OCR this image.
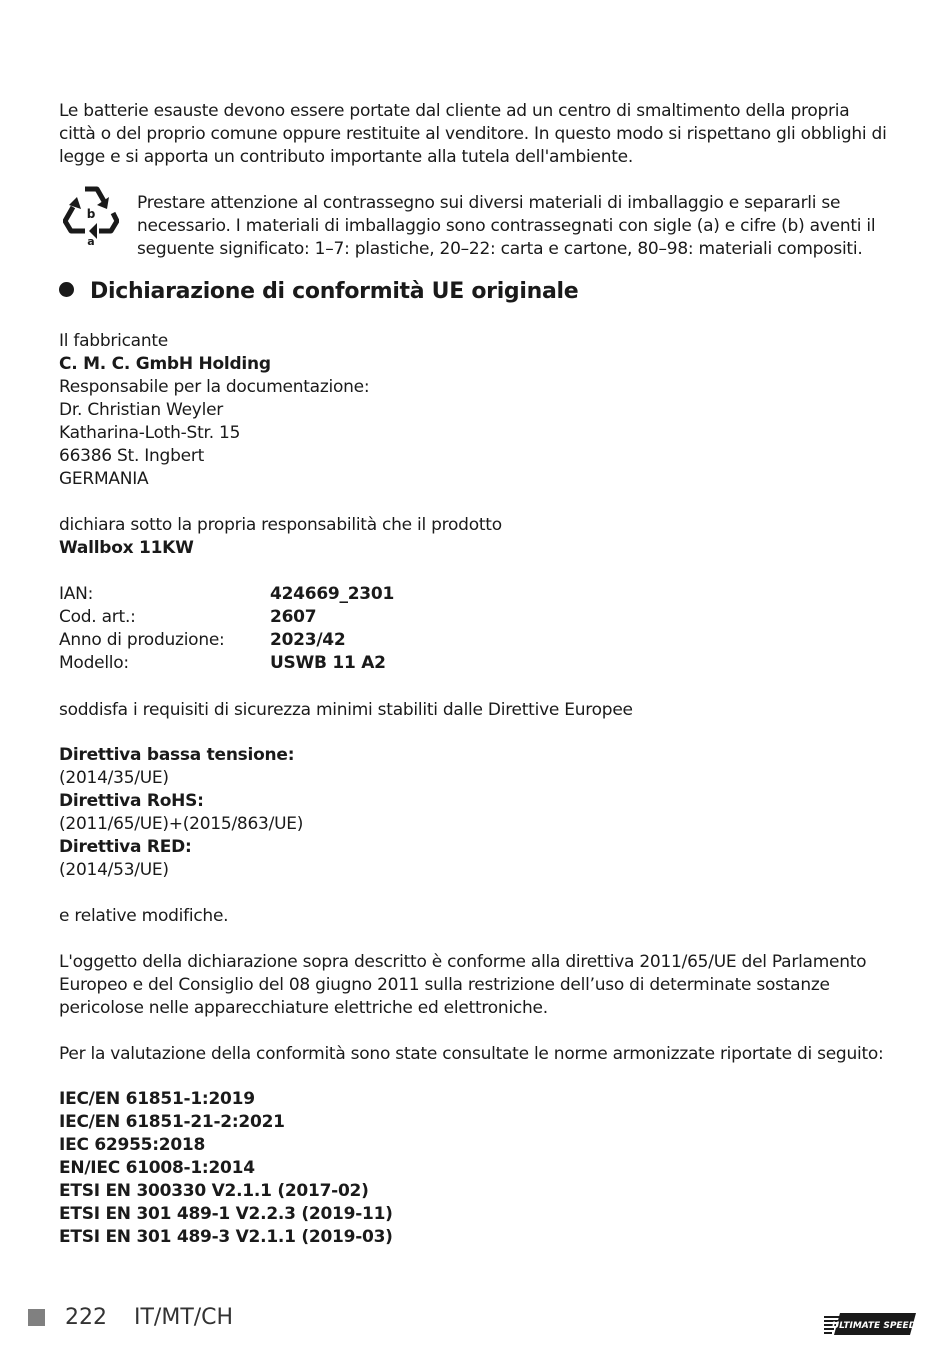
Le batterie esauste devono essere portate dal cliente ad un centro di smaltimento della propria città o del proprio comune oppure restituite al venditore. In questo modo si rispettano gli obblighi di legge e si apporta un contributo importante alla tutela dell'ambiente.
b
a
Prestare attenzione al contrassegno sui diversi materiali di imballaggio e separarli se necessario. I materiali di imballaggio sono contrassegnati con sigle (a) e cifre (b) aventi il seguente significato: 1–7: plastiche, 20–22: carta e cartone, 80–98: materiali compositi.
Dichiarazione di conformità UE originale
Il fabbricante
C. M. C. GmbH Holding
Responsabile per la documentazione:
Dr. Christian Weyler
Katharina-Loth-Str. 15
66386 St. Ingbert
GERMANIA
dichiara sotto la propria responsabilità che il prodotto
Wallbox 11KW
IAN:	424669_2301
Cod. art.:	2607
Anno di produzione:	2023/42
Modello:	USWB 11 A2
soddisfa i requisiti di sicurezza minimi stabiliti dalle Direttive Europee
Direttiva bassa tensione:
(2014/35/UE)
Direttiva RoHS:
(2011/65/UE)+(2015/863/UE)
Direttiva RED:
(2014/53/UE)
e relative modifiche.
L'oggetto della dichiarazione sopra descritto è conforme alla direttiva 2011/65/UE del Parlamento Europeo e del Consiglio del 08 giugno 2011 sulla restrizione dell’uso di determinate sostanze pericolose nelle apparecchiature elettriche ed elettroniche.
Per la valutazione della conformità sono state consultate le norme armonizzate riportate di seguito:
IEC/EN 61851-1:2019
IEC/EN 61851-21-2:2021
IEC 62955:2018
EN/IEC 61008-1:2014
ETSI EN 300330 V2.1.1 (2017-02)
ETSI EN 301 489-1 V2.2.3 (2019-11)
ETSI EN 301 489-3 V2.1.1 (2019-03)
222 IT/MT/CH	ULTIMATE SPEED
